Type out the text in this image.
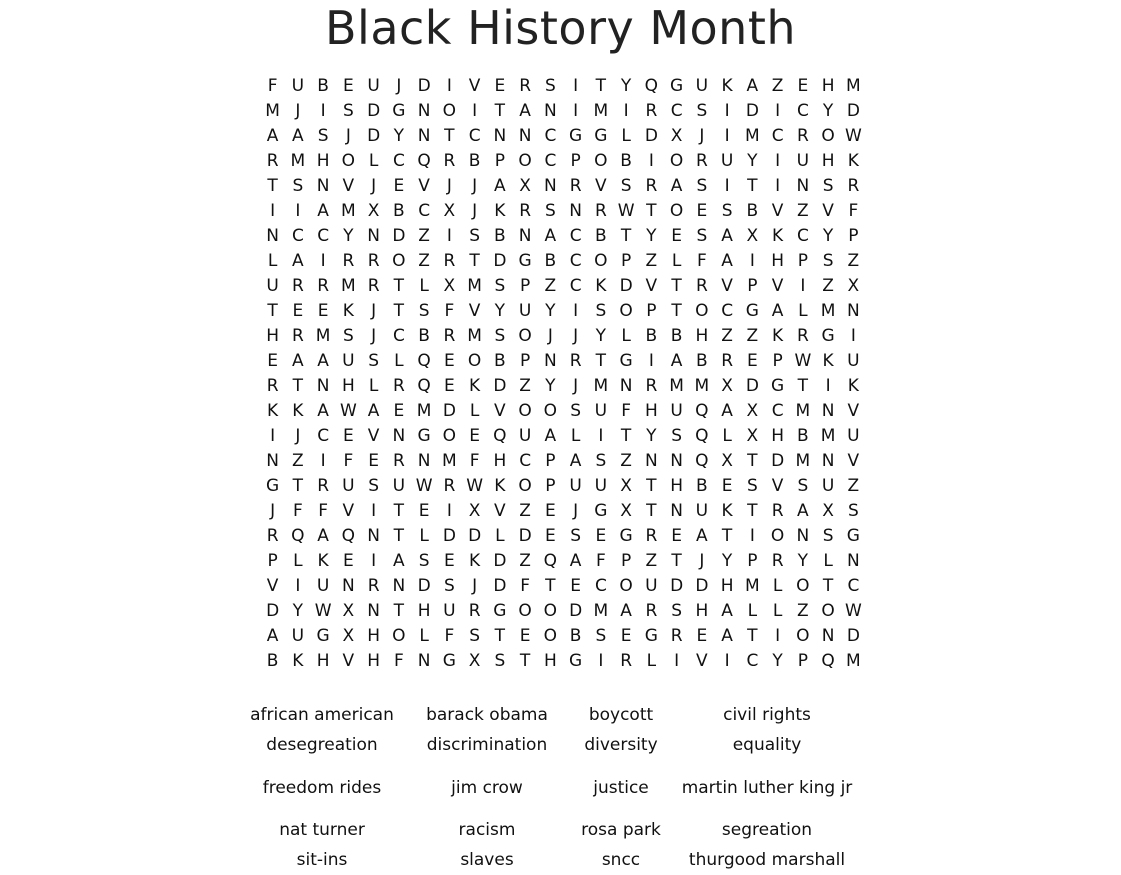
Black History Month
F U B E U J D I V E R S	I	T Y Q G U K A Z E H M
M J	I	S D G N O I	T A N I M I R C S	I D I C Y D
A A S	J D Y N T C N N C G G L D X J	I M C R O W
R M H O L C Q R B P O C P O B I O R U Y	I U H K
T S N V J	E V J	J A X N R V S R A S	I	T	I N S R
I	I A M X B C X J	K R S N R W T O E S B V Z V F
N C C Y N D Z I	S B N A C B T Y E S A X K C Y P
L A I R R O Z R T D G B C O P Z L F A I H P S Z
U R R M R T L X M S P Z C K D V T R V P V I Z X
T E E K	J	T S F V Y U Y	I	S O P T O C G A L M N
H R M S	J C B R M S O J	J	Y L B B H Z Z K R G I
E A A U S L Q E O B P N R T G I A B R E P W K U
R T N H L R Q E K D Z Y	J M N R M M X D G T	I	K
K K A W A E M D L V O O S U F H U Q A X C M N V
I	J C E V N G O E Q U A L	I	T Y S Q L X H B M U
N Z I	F E R N M F H C P A S Z N N Q X T D M N V
G T R U S U W R W K O P U U X T H B E S V S U Z
J	F F V I	T E	I X V Z E	J G X T N U K T R A X S
R Q A Q N T L D D L D E S E G R E A T	I O N S G
P L K E	I A S E K D Z Q A F P Z T	J	Y P R Y L N
V I U N R N D S	J D F T E C O U D D H M L O T C
D Y W X N T H U R G O O D M A R S H A L L Z O W
A U G X H O L F S T E O B S E G R E A T	I O N D
B K H V H F N G X S T H G I R L	I V I C Y P Q M
african american	barack obama	boycott	civil rights
desegreation	discrimination	diversity	equality
freedom rides	jim crow	justice	martin luther king jr
nat turner	racism	rosa park	segreation
sit-ins	slaves	sncc	thurgood marshall
